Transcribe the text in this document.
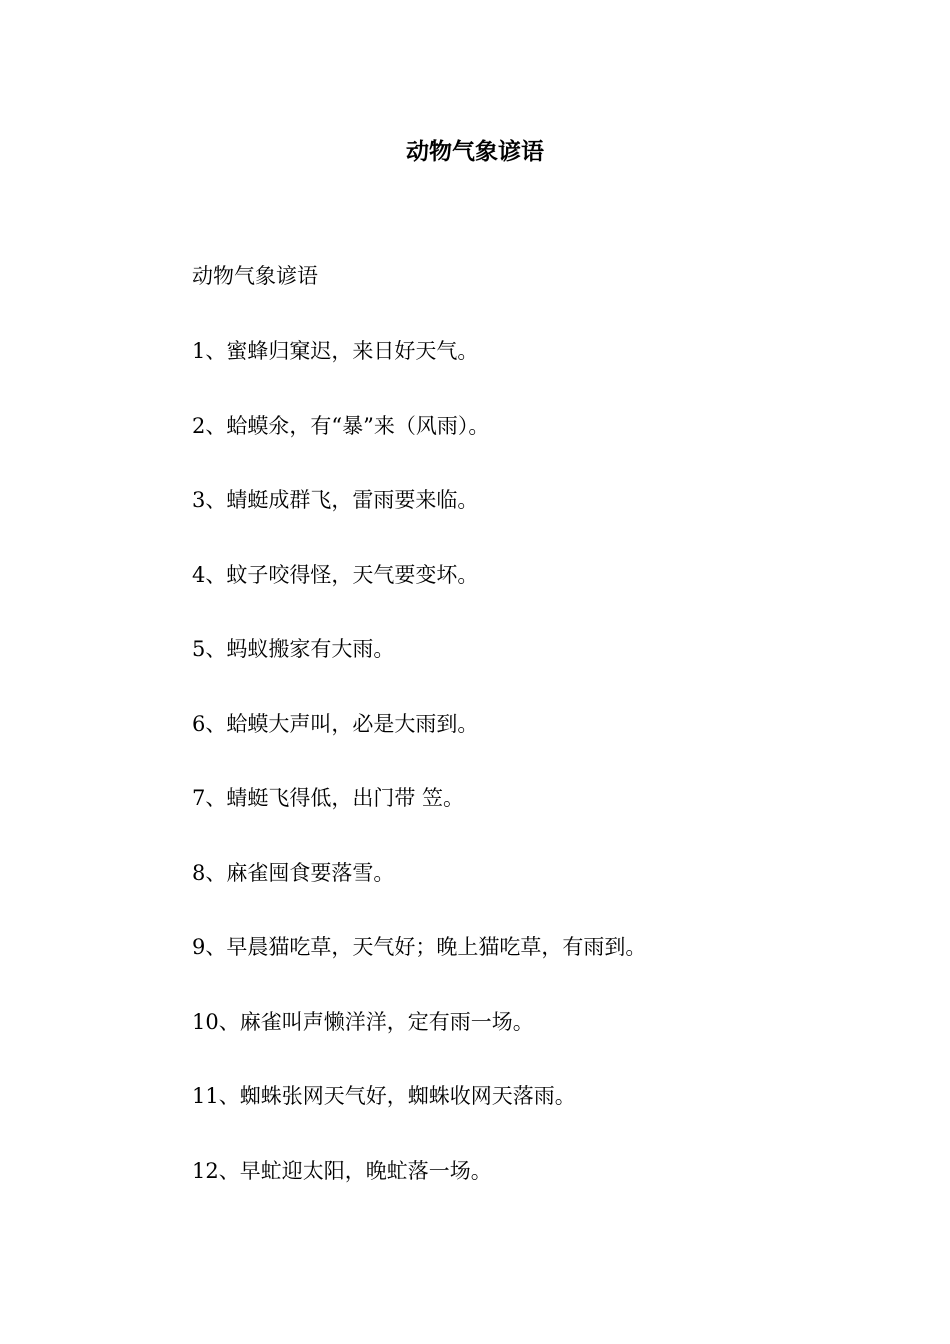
动物气象谚语

动物气象谚语

1、蜜蜂归窠迟，来日好天气。
2、蛤蟆氽，有“暴”来（风雨）。
3、蜻蜓成群飞，雷雨要来临。
4、蚊子咬得怪，天气要变坏。
5、蚂蚁搬家有大雨。
6、蛤蟆大声叫，必是大雨到。
7、蜻蜓飞得低，出门带 笠。
8、麻雀囤食要落雪。
9、早晨猫吃草，天气好；晚上猫吃草，有雨到。
10、麻雀叫声懒洋洋，定有雨一场。
11、蜘蛛张网天气好，蜘蛛收网天落雨。
12、早虻迎太阳，晚虻落一场。
